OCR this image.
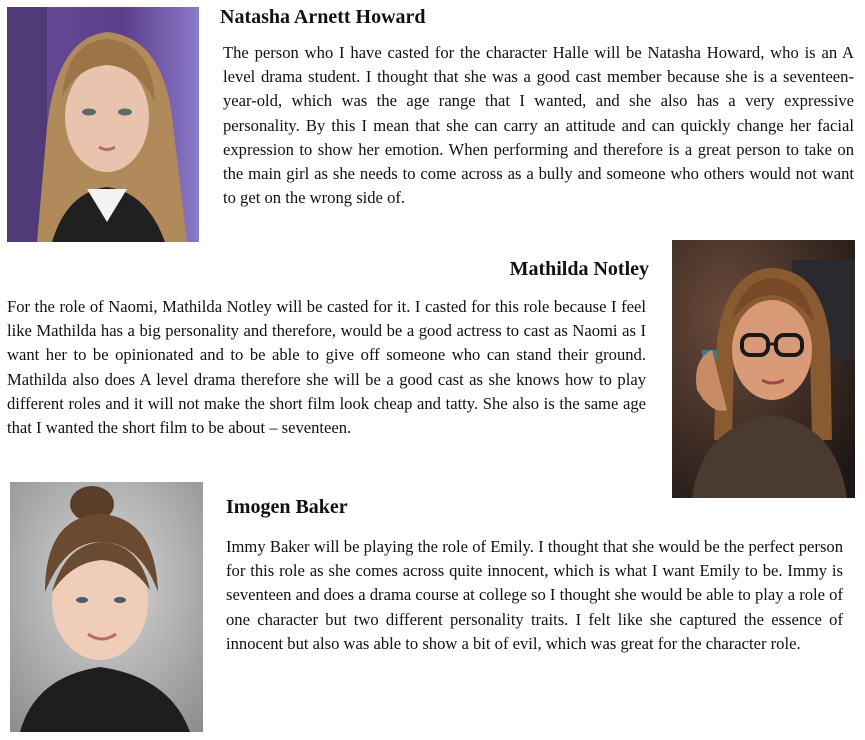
Natasha Arnett Howard

The person who I have casted for the character Halle will be Natasha Howard, who is an A level drama student. I thought that she was a good cast member because she is a seventeen-year-old, which was the age range that I wanted, and she also has a very expressive personality. By this I mean that she can carry an attitude and can quickly change her facial expression to show her emotion. When performing and therefore is a great person to take on the main girl as she needs to come across as a bully and someone who others would not want to get on the wrong side of.

Mathilda Notley

For the role of Naomi, Mathilda Notley will be casted for it. I casted for this role because I feel like Mathilda has a big personality and therefore, would be a good actress to cast as Naomi as I want her to be opinionated and to be able to give off someone who can stand their ground. Mathilda also does A level drama therefore she will be a good cast as she knows how to play different roles and it will not make the short film look cheap and tatty. She also is the same age that I wanted the short film to be about – seventeen.

Imogen Baker

Immy Baker will be playing the role of Emily. I thought that she would be the perfect person for this role as she comes across quite innocent, which is what I want Emily to be. Immy is seventeen and does a drama course at college so I thought she would be able to play a role of one character but two different personality traits. I felt like she captured the essence of innocent but also was able to show a bit of evil, which was great for the character role.
